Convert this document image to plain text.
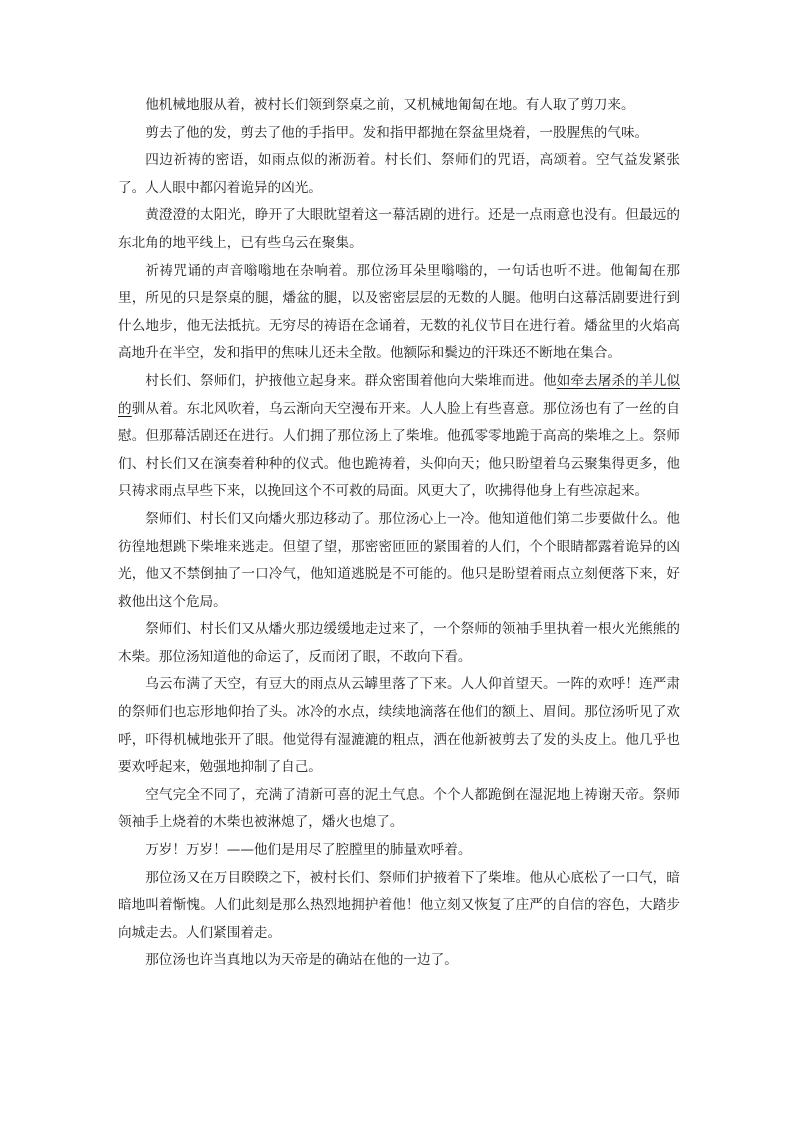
他机械地服从着，被村长们领到祭桌之前，又机械地匍匐在地。有人取了剪刀来。

剪去了他的发，剪去了他的手指甲。发和指甲都抛在祭盆里烧着，一股腥焦的气味。

四边祈祷的密语，如雨点似的淅沥着。村长们、祭师们的咒语，高颂着。空气益发紧张了。人人眼中都闪着诡异的凶光。

黄澄澄的太阳光，睁开了大眼眈望着这一幕活剧的进行。还是一点雨意也没有。但最远的东北角的地平线上，已有些乌云在聚集。

祈祷咒诵的声音嗡嗡地在杂响着。那位汤耳朵里嗡嗡的，一句话也听不进。他匍匐在那里，所见的只是祭桌的腿，燔盆的腿，以及密密层层的无数的人腿。他明白这幕活剧要进行到什么地步，他无法抵抗。无穷尽的祷语在念诵着，无数的礼仪节目在进行着。燔盆里的火焰高高地升在半空，发和指甲的焦味儿还未全散。他额际和鬓边的汗珠还不断地在集合。

村长们、祭师们，护掖他立起身来。群众密围着他向大柴堆而进。他如牵去屠杀的羊儿似的驯从着。东北风吹着，乌云渐向天空漫布开来。人人脸上有些喜意。那位汤也有了一丝的自慰。但那幕活剧还在进行。人们拥了那位汤上了柴堆。他孤零零地跪于高高的柴堆之上。祭师们、村长们又在演奏着种种的仪式。他也跪祷着，头仰向天；他只盼望着乌云聚集得更多，他只祷求雨点早些下来，以挽回这个不可救的局面。风更大了，吹拂得他身上有些凉起来。

祭师们、村长们又向燔火那边移动了。那位汤心上一冷。他知道他们第二步要做什么。他彷徨地想跳下柴堆来逃走。但望了望，那密密匝匝的紧围着的人们，个个眼睛都露着诡异的凶光，他又不禁倒抽了一口冷气，他知道逃脱是不可能的。他只是盼望着雨点立刻便落下来，好救他出这个危局。

祭师们、村长们又从燔火那边缓缓地走过来了，一个祭师的领袖手里执着一根火光熊熊的木柴。那位汤知道他的命运了，反而闭了眼，不敢向下看。

乌云布满了天空，有豆大的雨点从云罅里落了下来。人人仰首望天。一阵的欢呼！连严肃的祭师们也忘形地仰抬了头。冰冷的水点，续续地滴落在他们的额上、眉间。那位汤听见了欢呼，吓得机械地张开了眼。他觉得有湿漉漉的粗点，洒在他新被剪去了发的头皮上。他几乎也要欢呼起来，勉强地抑制了自己。

空气完全不同了，充满了清新可喜的泥土气息。个个人都跪倒在湿泥地上祷谢天帝。祭师领袖手上烧着的木柴也被淋熄了，燔火也熄了。

万岁！万岁！——他们是用尽了腔膛里的肺量欢呼着。

那位汤又在万目睽睽之下，被村长们、祭师们护掖着下了柴堆。他从心底松了一口气，暗暗地叫着惭愧。人们此刻是那么热烈地拥护着他！他立刻又恢复了庄严的自信的容色，大踏步向城走去。人们紧围着走。

那位汤也许当真地以为天帝是的确站在他的一边了。
